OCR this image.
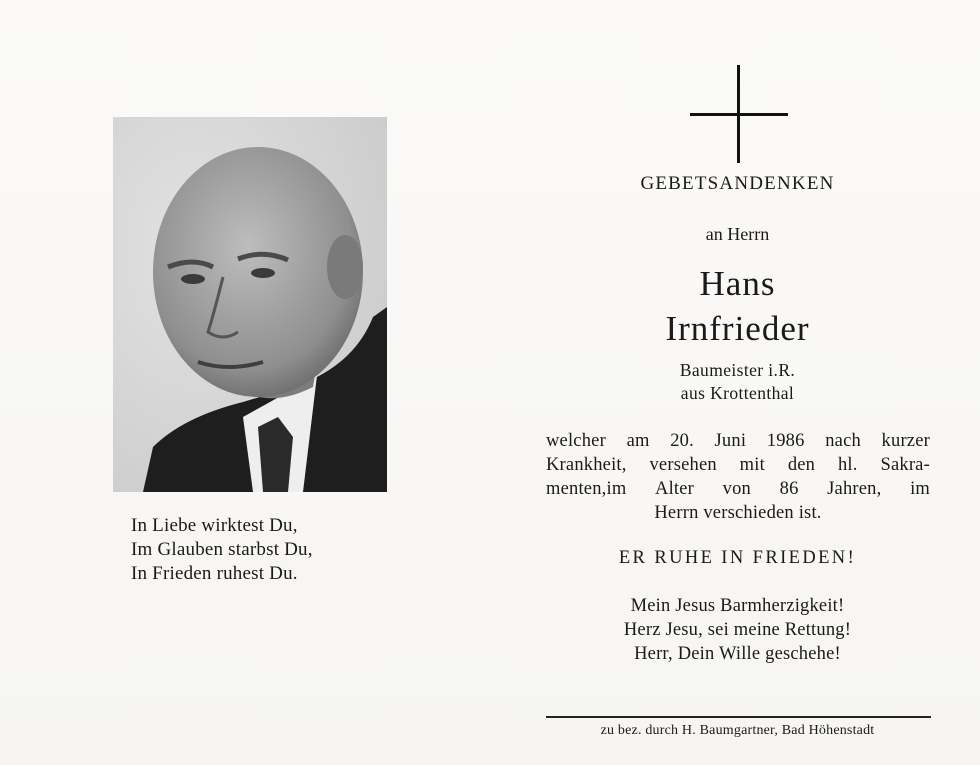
In Liebe wirktest Du,
Im Glauben starbst Du,
In Frieden ruhest Du.
GEBETSANDENKEN
an Herrn
Hans
Irnfrieder
Baumeister i.R.
aus Krottenthal
welcher am 20. Juni 1986 nach kurzer
Krankheit, versehen mit den hl. Sakra-
menten,im Alter von 86 Jahren, im
Herrn verschieden ist.
ER RUHE IN FRIEDEN!
Mein Jesus Barmherzigkeit!
Herz Jesu, sei meine Rettung!
Herr, Dein Wille geschehe!
zu bez. durch H. Baumgartner, Bad Höhenstadt
